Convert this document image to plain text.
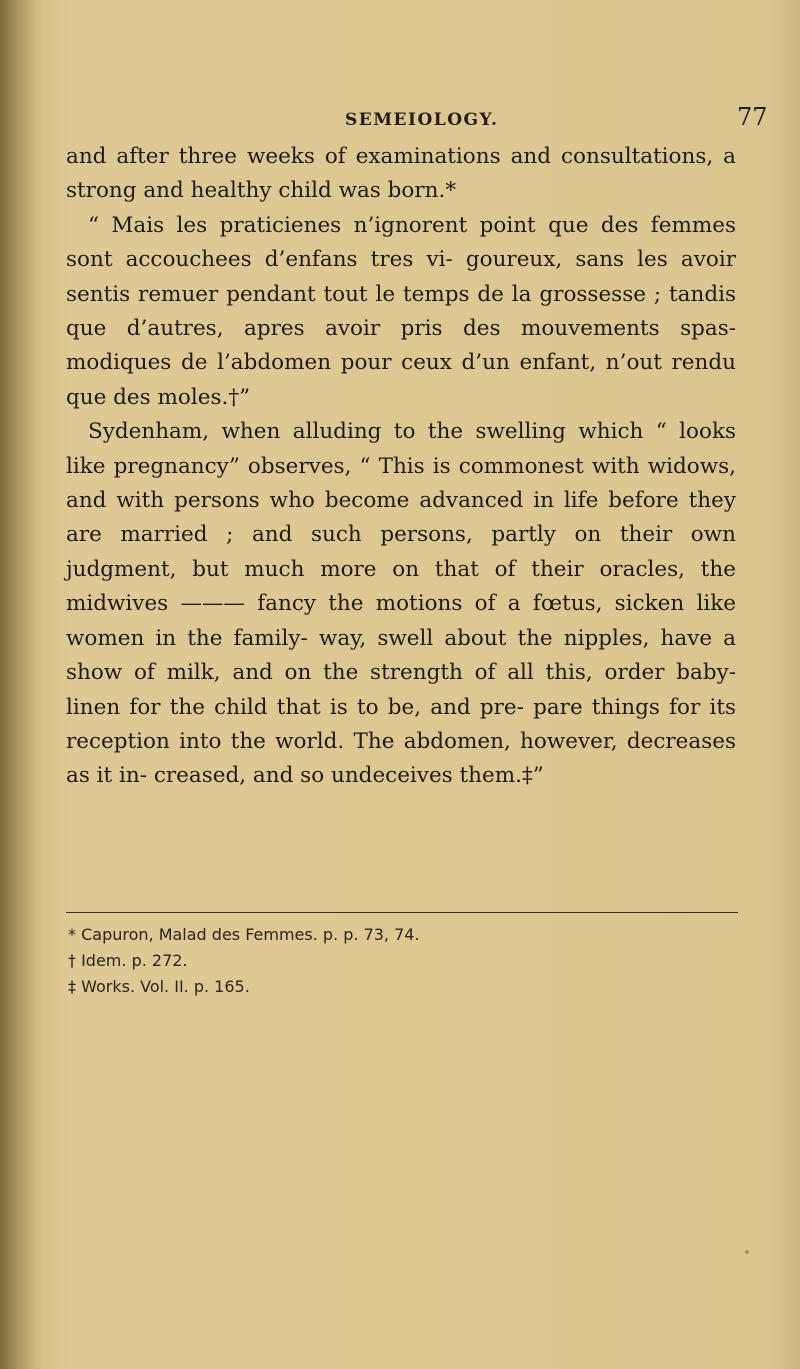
SEMEIOLOGY.	77

and after three weeks of examinations and consultations, a strong and healthy child was born.*

“ Mais les praticienes n’ignorent point que des femmes sont accouchees d’enfans tres vi- goureux, sans les avoir sentis remuer pendant tout le temps de la grossesse ; tandis que d’autres, apres avoir pris des mouvements spas- modiques de l’abdomen pour ceux d’un enfant, n’out rendu que des moles.†”

Sydenham, when alluding to the swelling which “ looks like pregnancy” observes, “ This is commonest with widows, and with persons who become advanced in life before they are married ; and such persons, partly on their own judgment, but much more on that of their oracles, the midwives ——— fancy the motions of a fœtus, sicken like women in the family- way, swell about the nipples, have a show of milk, and on the strength of all this, order baby-linen for the child that is to be, and pre- pare things for its reception into the world. The abdomen, however, decreases as it in- creased, and so undeceives them.‡”

* Capuron, Malad des Femmes. p. p. 73, 74.
† Idem. p. 272.
‡ Works. Vol. II. p. 165.
